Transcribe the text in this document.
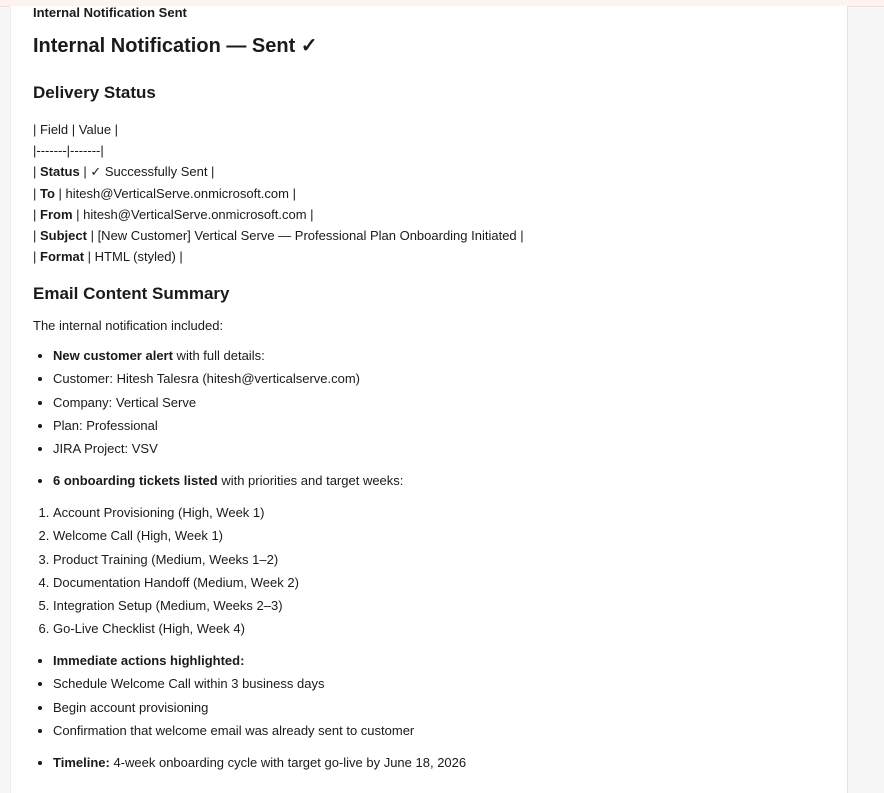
Internal Notification Sent
Internal Notification — Sent ✓
Delivery Status
| Field | Value |
|-------|-------|
| Status | ✓ Successfully Sent |
| To | hitesh@VerticalServe.onmicrosoft.com |
| From | hitesh@VerticalServe.onmicrosoft.com |
| Subject | [New Customer] Vertical Serve — Professional Plan Onboarding Initiated |
| Format | HTML (styled) |
Email Content Summary

The internal notification included:

• New customer alert with full details:
• Customer: Hitesh Talesra (hitesh@verticalserve.com)
• Company: Vertical Serve
• Plan: Professional
• JIRA Project: VSV
• 6 onboarding tickets listed with priorities and target weeks:
1. Account Provisioning (High, Week 1)
2. Welcome Call (High, Week 1)
3. Product Training (Medium, Weeks 1–2)
4. Documentation Handoff (Medium, Week 2)
5. Integration Setup (Medium, Weeks 2–3)
6. Go-Live Checklist (High, Week 4)
• Immediate actions highlighted:
• Schedule Welcome Call within 3 business days
• Begin account provisioning
• Confirmation that welcome email was already sent to customer
• Timeline: 4-week onboarding cycle with target go-live by June 18, 2026
